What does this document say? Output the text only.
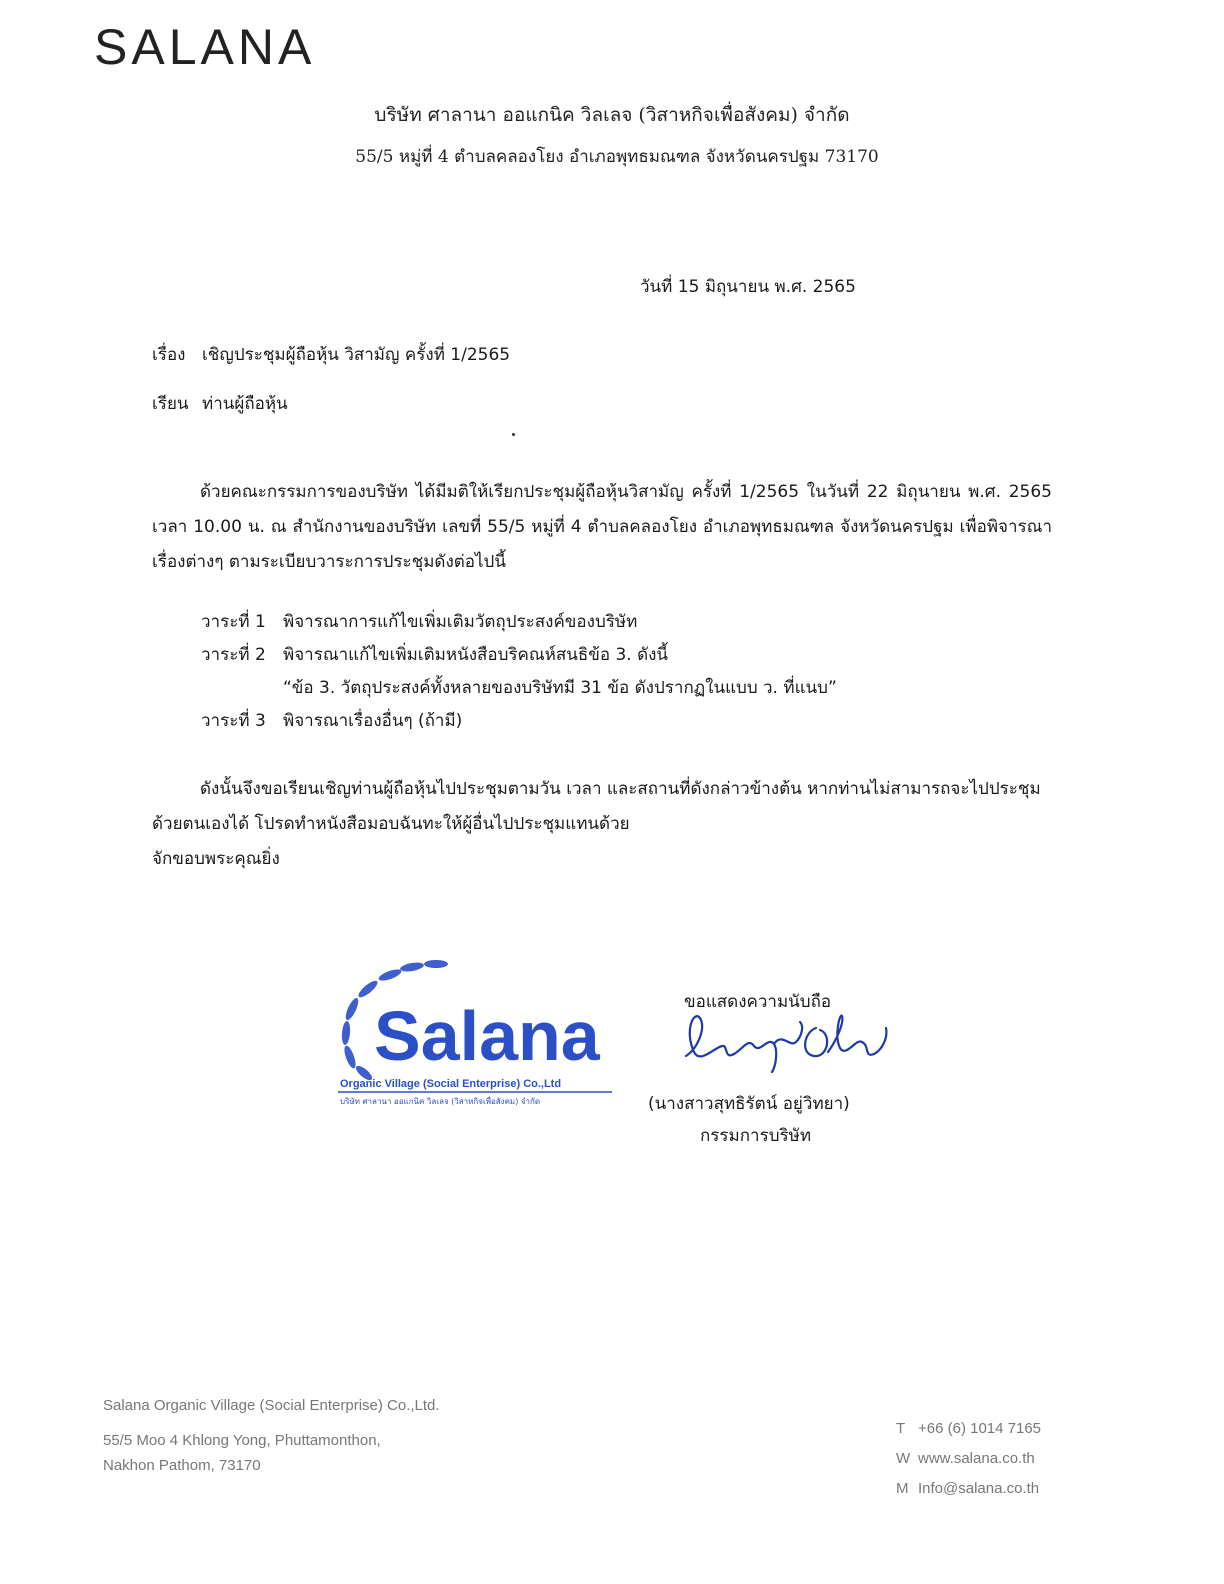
SALANA
บริษัท ศาลานา ออแกนิค วิลเลจ (วิสาหกิจเพื่อสังคม) จำกัด
55/5 หมู่ที่ 4 ตำบลคลองโยง อำเภอพุทธมณฑล จังหวัดนครปฐม 73170
วันที่ 15 มิถุนายน พ.ศ. 2565
เรื่อง เชิญประชุมผู้ถือหุ้น วิสามัญ ครั้งที่ 1/2565
เรียน ท่านผู้ถือหุ้น
ด้วยคณะกรรมการของบริษัท ได้มีมติให้เรียกประชุมผู้ถือหุ้นวิสามัญ ครั้งที่ 1/2565 ในวันที่ 22 มิถุนายน พ.ศ. 2565 เวลา 10.00 น. ณ สำนักงานของบริษัท เลขที่ 55/5 หมู่ที่ 4 ตำบลคลองโยง อำเภอพุทธมณฑล จังหวัดนครปฐม เพื่อพิจารณาเรื่องต่างๆ ตามระเบียบวาระการประชุมดังต่อไปนี้
วาระที่ 1 พิจารณาการแก้ไขเพิ่มเติมวัตถุประสงค์ของบริษัท
วาระที่ 2 พิจารณาแก้ไขเพิ่มเติมหนังสือบริคณห์สนธิข้อ 3. ดังนี้
“ข้อ 3. วัตถุประสงค์ทั้งหลายของบริษัทมี 31 ข้อ ดังปรากฏในแบบ ว. ที่แนบ”
วาระที่ 3 พิจารณาเรื่องอื่นๆ (ถ้ามี)
ดังนั้นจึงขอเรียนเชิญท่านผู้ถือหุ้นไปประชุมตามวัน เวลา และสถานที่ดังกล่าวข้างต้น หากท่านไม่สามารถจะไปประชุมด้วยตนเองได้ โปรดทำหนังสือมอบฉันทะให้ผู้อื่นไปประชุมแทนด้วย
จักขอบพระคุณยิ่ง
Salana
Organic Village (Social Enterprise) Co.,Ltd
บริษัท ศาลานา ออแกนิค วิลเลจ (วิสาหกิจเพื่อสังคม) จำกัด
ขอแสดงความนับถือ
(นางสาวสุทธิรัตน์ อยู่วิทยา)
กรรมการบริษัท
Salana Organic Village (Social Enterprise) Co.,Ltd.
55/5 Moo 4 Khlong Yong, Phuttamonthon,
Nakhon Pathom, 73170
T +66 (6) 1014 7165
W www.salana.co.th
M Info@salana.co.th
